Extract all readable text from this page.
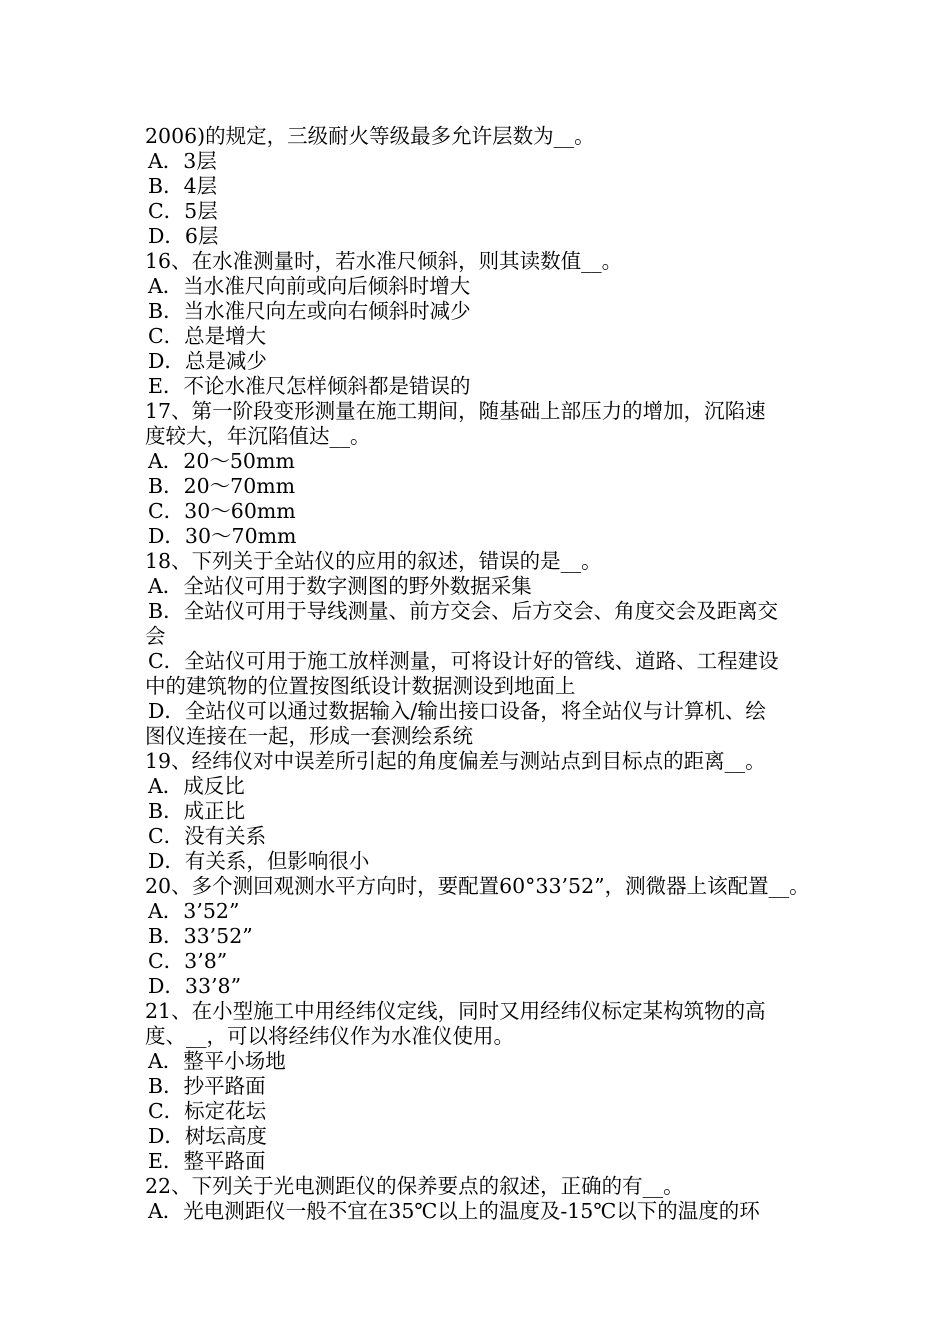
2006)的规定，三级耐火等级最多允许层数为__。
A．3层
B．4层
C．5层
D．6层
16、在水准测量时，若水准尺倾斜，则其读数值__。
A．当水准尺向前或向后倾斜时增大
B．当水准尺向左或向右倾斜时减少
C．总是增大
D．总是减少
E．不论水准尺怎样倾斜都是错误的
17、第一阶段变形测量在施工期间，随基础上部压力的增加，沉陷速
度较大，年沉陷值达__。
A．20～50mm
B．20～70mm
C．30～60mm
D．30～70mm
18、下列关于全站仪的应用的叙述，错误的是__。
A．全站仪可用于数字测图的野外数据采集
B．全站仪可用于导线测量、前方交会、后方交会、角度交会及距离交
会
C．全站仪可用于施工放样测量，可将设计好的管线、道路、工程建设
中的建筑物的位置按图纸设计数据测设到地面上
D．全站仪可以通过数据输入/输出接口设备，将全站仪与计算机、绘
图仪连接在一起，形成一套测绘系统
19、经纬仪对中误差所引起的角度偏差与测站点到目标点的距离__。
A．成反比
B．成正比
C．没有关系
D．有关系，但影响很小
20、多个测回观测水平方向时，要配置60°33’52”，测微器上该配置__。
A．3’52”
B．33’52”
C．3’8”
D．33’8”
21、在小型施工中用经纬仪定线，同时又用经纬仪标定某构筑物的高
度、__，可以将经纬仪作为水准仪使用。
A．整平小场地
B．抄平路面
C．标定花坛
D．树坛高度
E．整平路面
22、下列关于光电测距仪的保养要点的叙述，正确的有__。
A．光电测距仪一般不宜在35℃以上的温度及-15℃以下的温度的环
